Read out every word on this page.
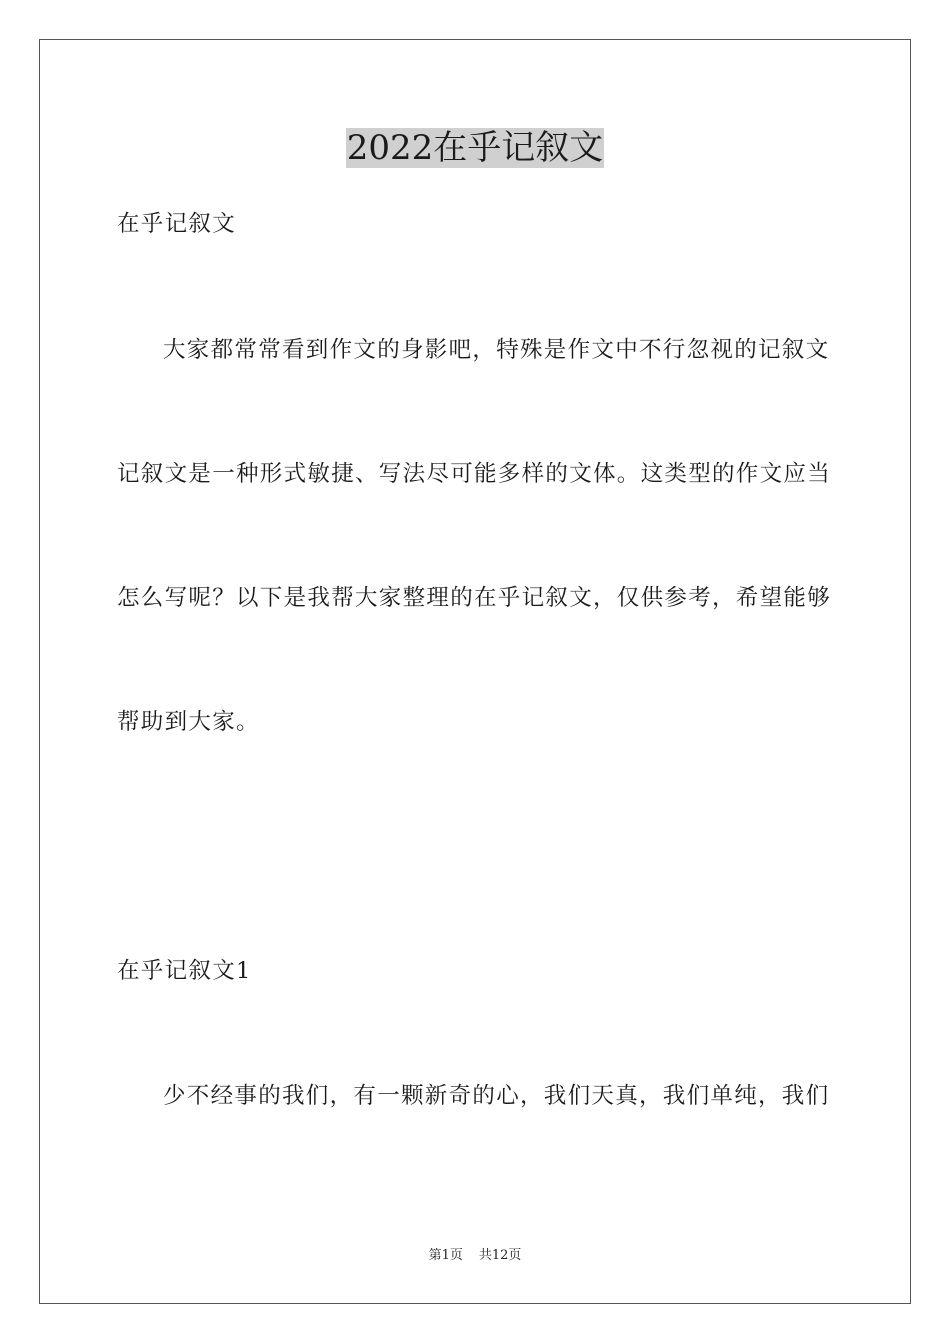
2022在乎记叙文
在乎记叙文
大家都常常看到作文的身影吧，特殊是作文中不行忽视的记叙文
记叙文是一种形式敏捷、写法尽可能多样的文体。这类型的作文应当
怎么写呢？以下是我帮大家整理的在乎记叙文，仅供参考，希望能够
帮助到大家。
在乎记叙文1
少不经事的我们，有一颗新奇的心，我们天真，我们单纯，我们
第1页 共12页
